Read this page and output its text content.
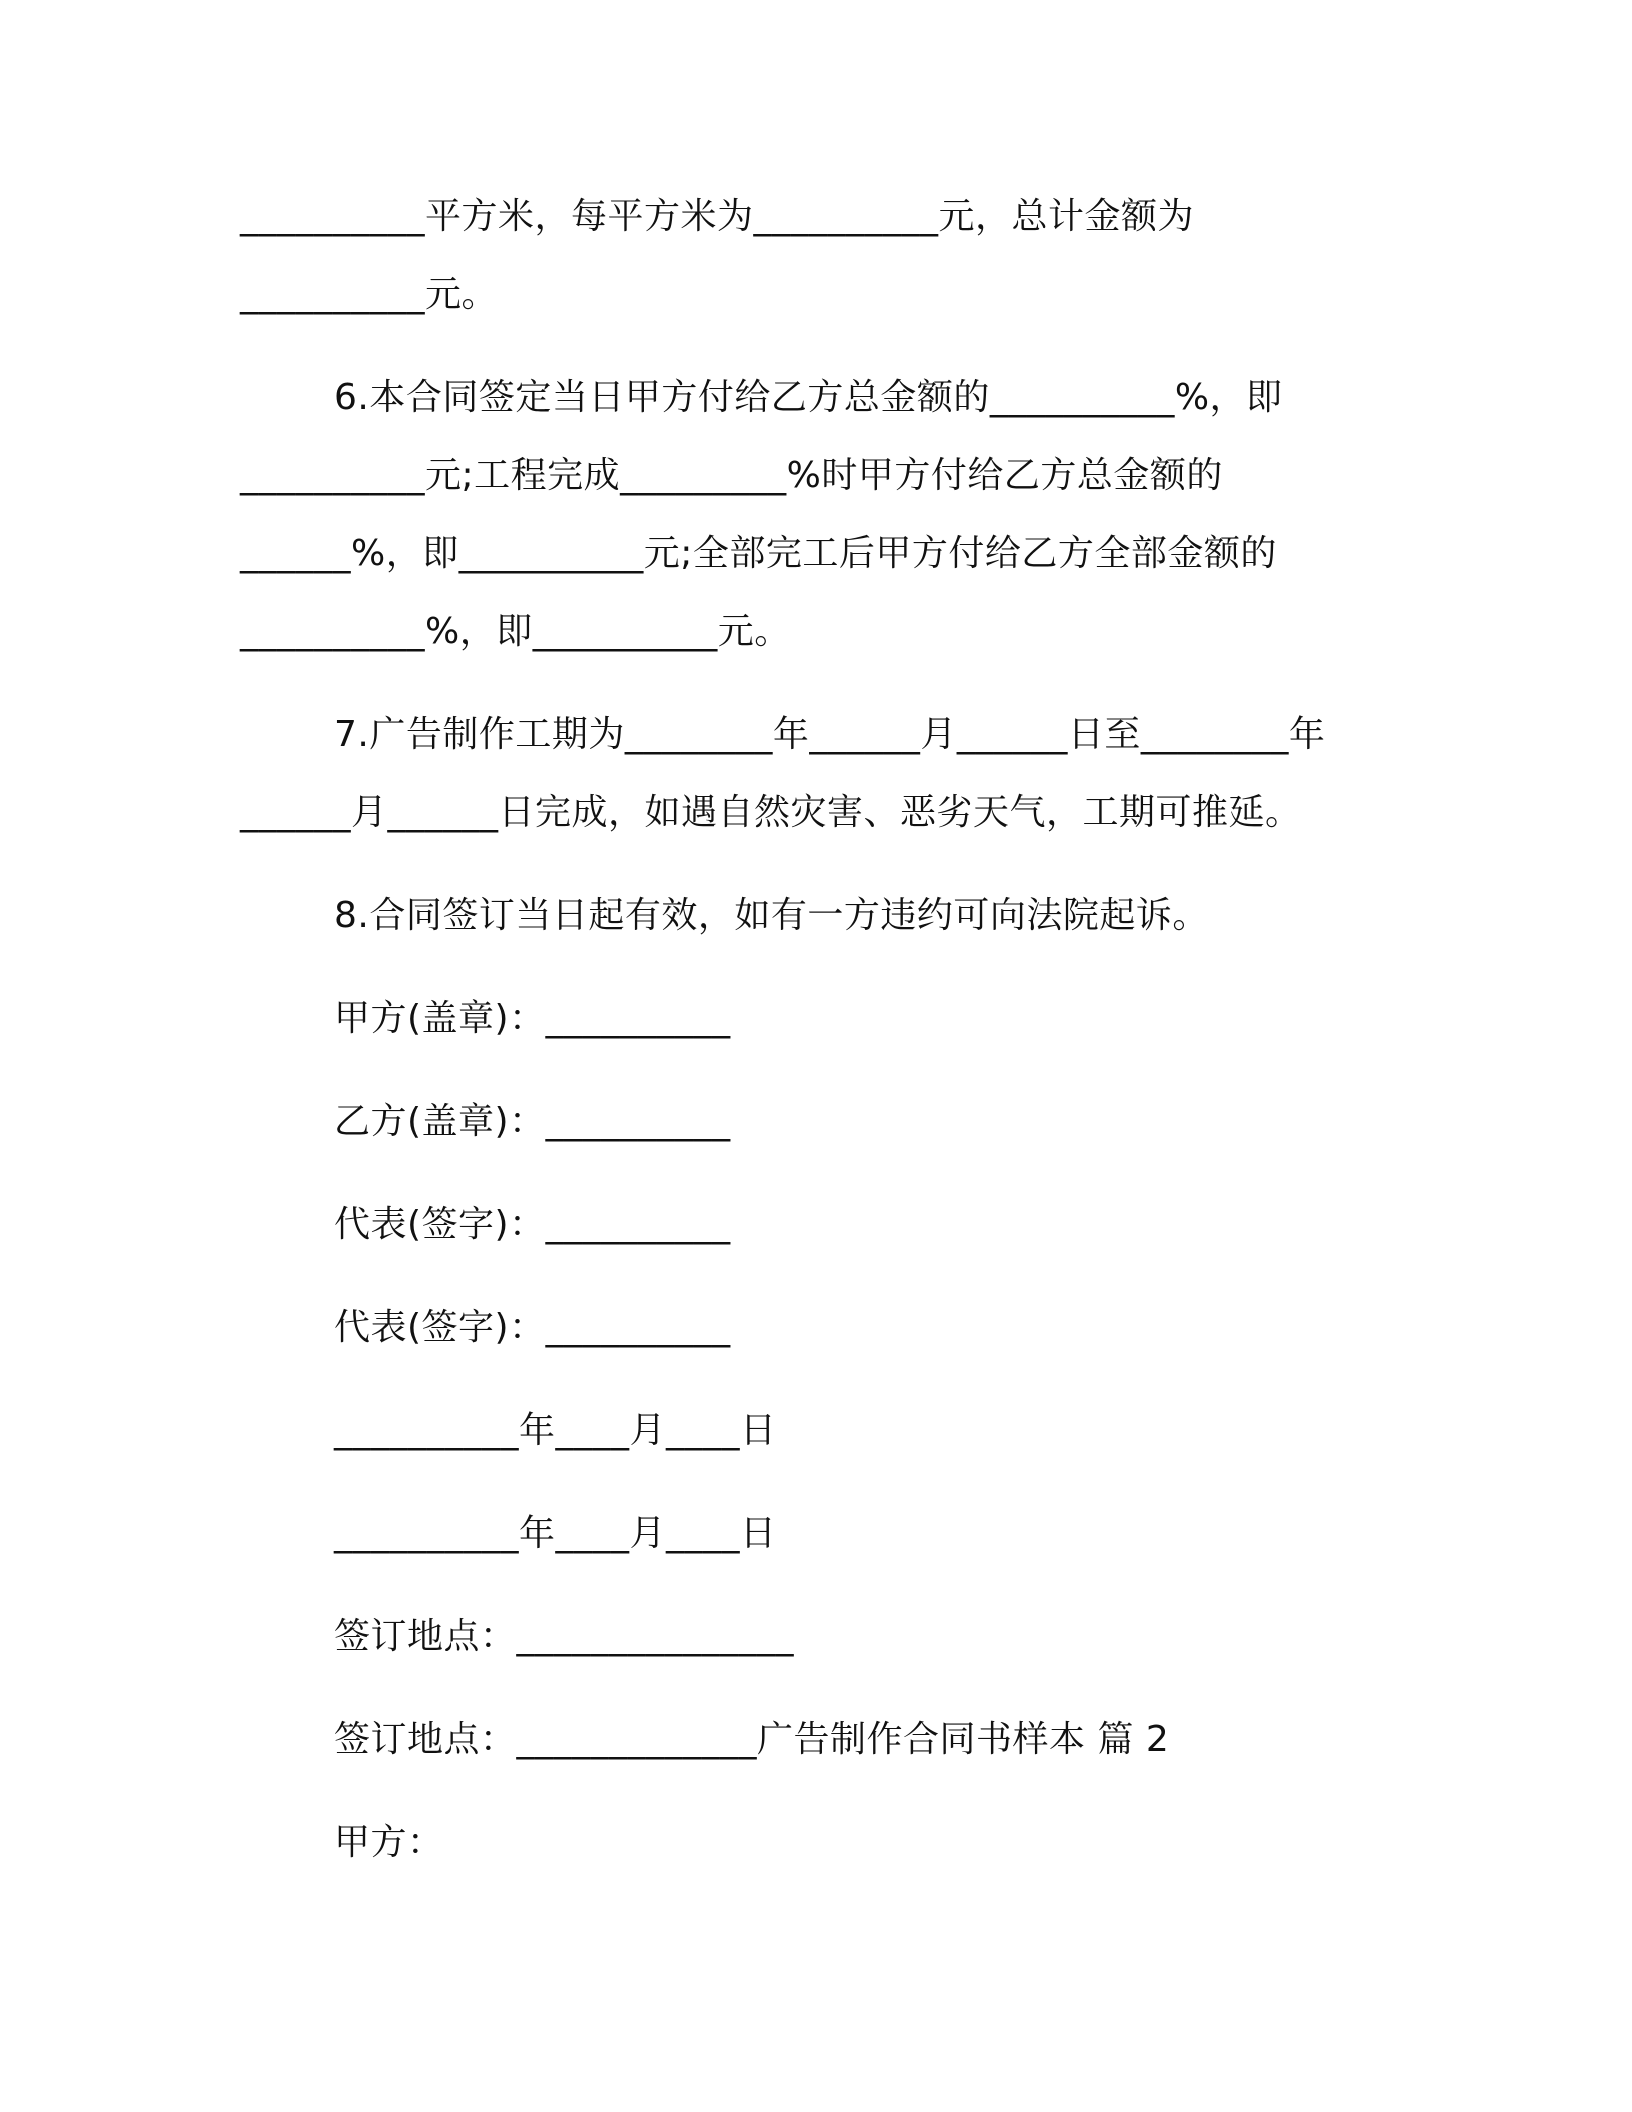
__________平方米，每平方米为__________元，总计金额为
__________元。
6.本合同签定当日甲方付给乙方总金额的__________%，即
__________元;工程完成_________%时甲方付给乙方总金额的
______%，即__________元;全部完工后甲方付给乙方全部金额的
__________%，即__________元。
7.广告制作工期为________年______月______日至________年
______月______日完成，如遇自然灾害、恶劣天气，工期可推延。
8.合同签订当日起有效，如有一方违约可向法院起诉。
甲方(盖章)：__________
乙方(盖章)：__________
代表(签字)：__________
代表(签字)：__________
__________年____月____日
__________年____月____日
签订地点：_______________
签订地点：_____________广告制作合同书样本 篇 2
甲方：
